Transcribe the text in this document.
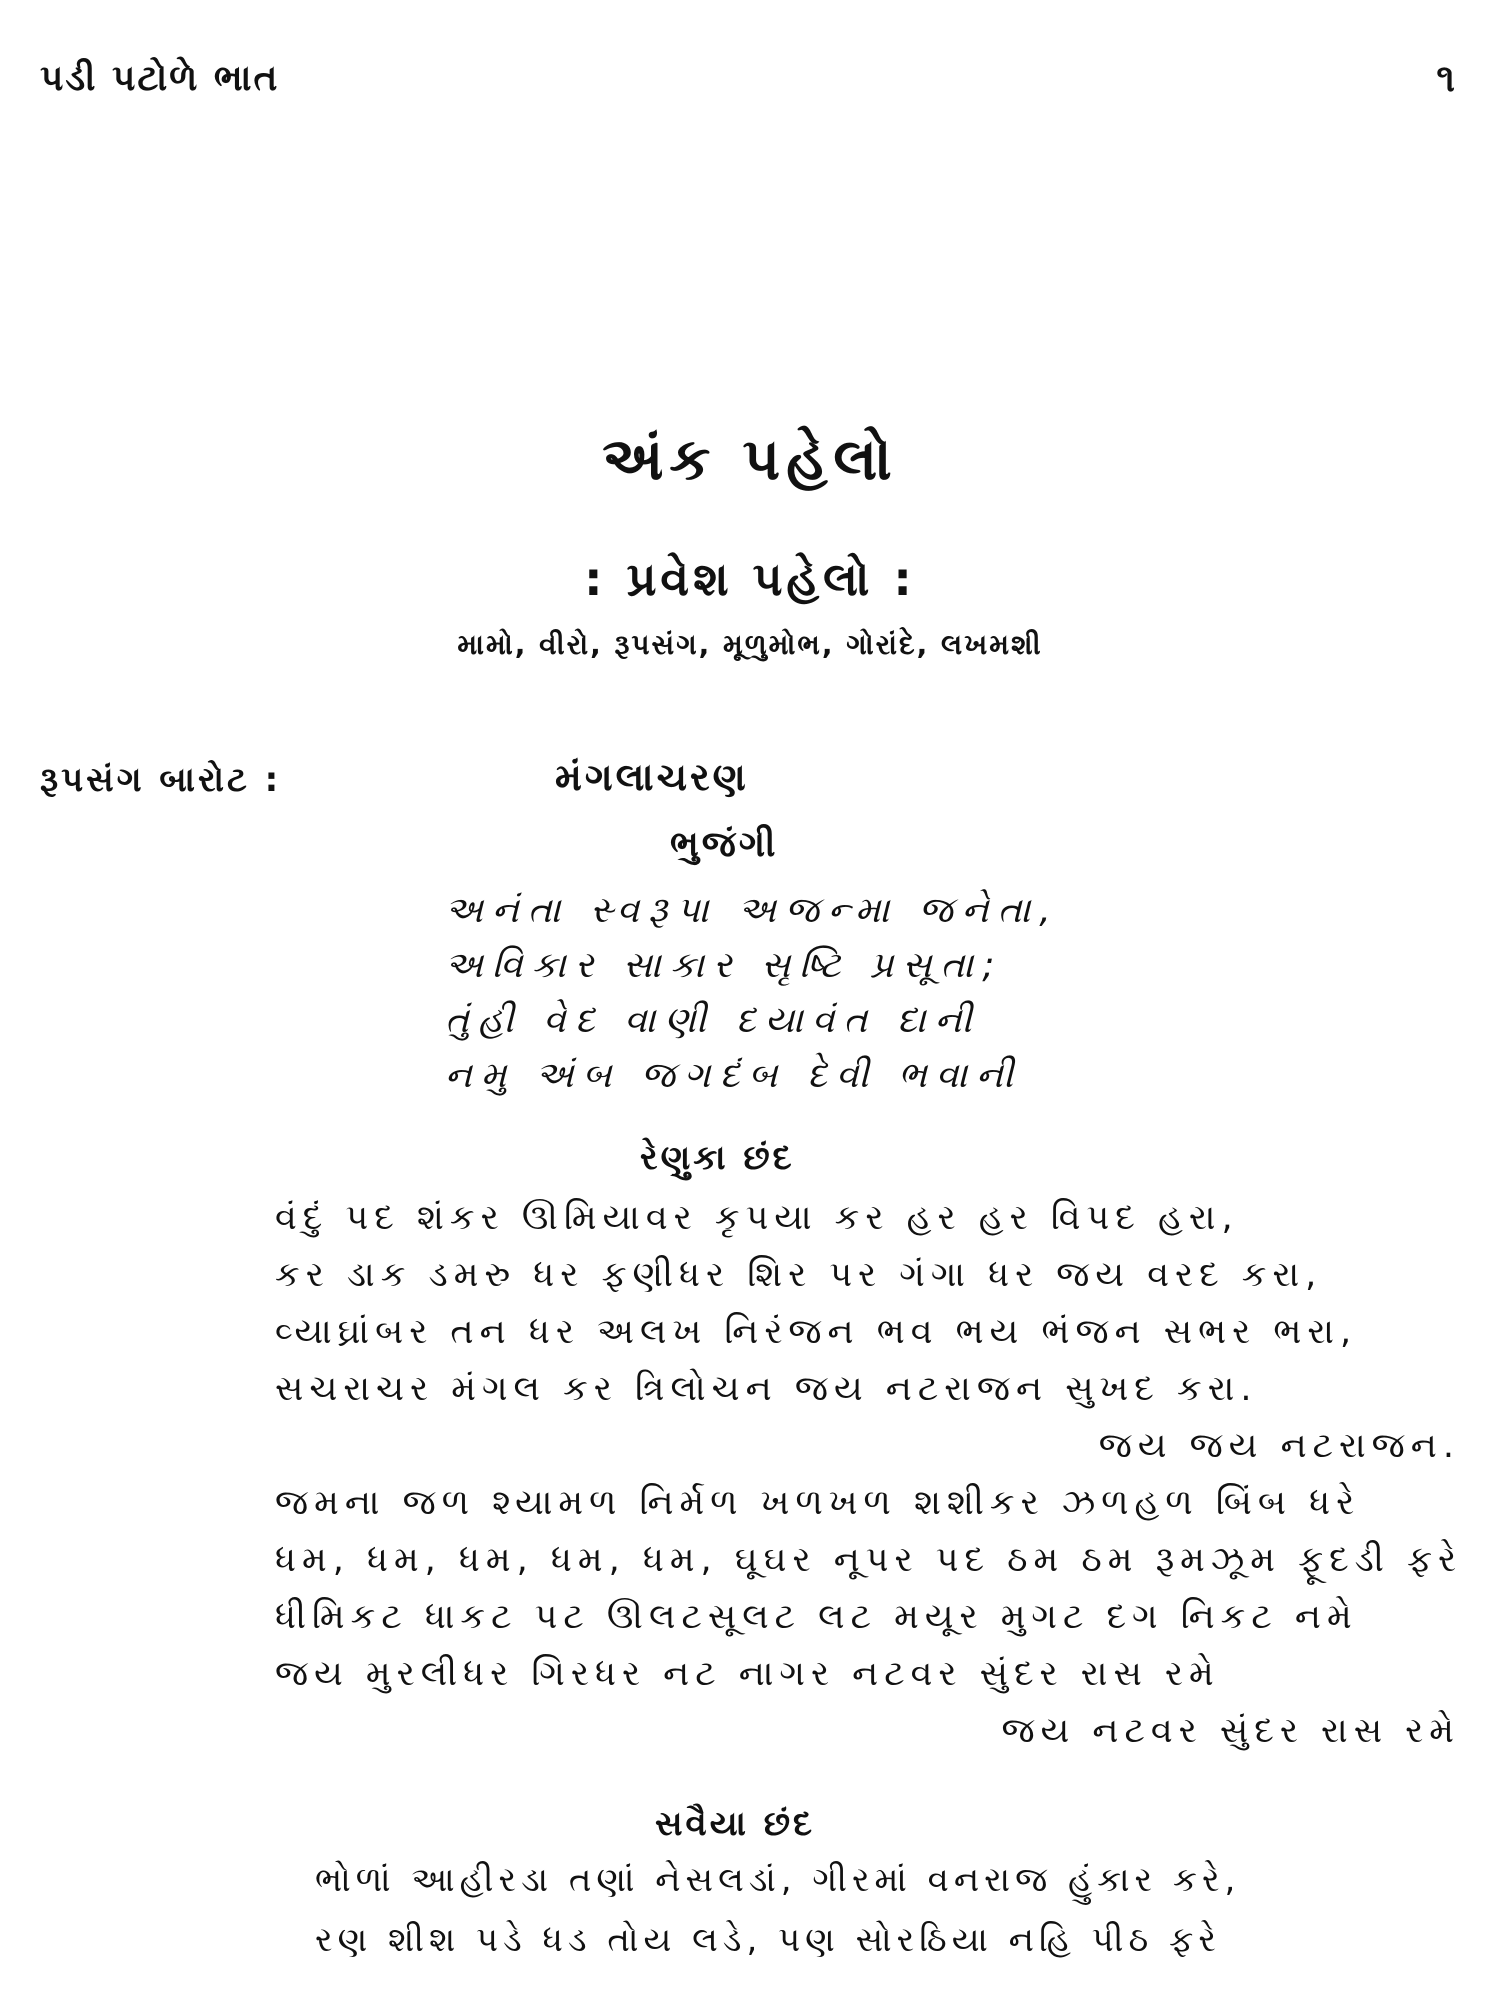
પડી પટોળે ભાત	૧
અંક પહેલો
: પ્રવેશ પહેલો :
મામો, વીરો, રૂપસંગ, મૂળુમોભ, ગોરાંદે, લખમશી
રૂપસંગ બારોટ :	મંગલાચરણ
ભુજંગી
અનંતા સ્વરૂપા અજન્મા જનેતા,
અવિકાર સાકાર સૃષ્ટિ પ્રસૂતા;
તુંહી વેદ વાણી દયાવંત દાની
નમુ અંબ જગદંબ દેવી ભવાની
રેણુકા છંદ
વંદું પદ શંકર ઊમિયાવર કૃપયા કર હર હર વિપદ હરા,
કર ડાક ડમરુ ધર ફણીધર શિર પર ગંગા ધર જય વરદ કરા,
વ્યાઘ્રાંબર તન ધર અલખ નિરંજન ભવ ભય ભંજન સભર ભરા,
સચરાચર મંગલ કર ત્રિલોચન જય નટરાજન સુખદ કરા.
જય જય નટરાજન.
જમના જળ શ્યામળ નિર્મળ ખળખળ શશીકર ઝળહળ બિંબ ધરે
ધમ, ધમ, ધમ, ધમ, ધમ, ઘૂઘર નૂપર પદ ઠમ ઠમ રૂમઝૂમ ફૂદડી ફરે
ધીમિકટ ધાકટ પટ ઊલટસૂલટ લટ મયૂર મુગટ દગ નિકટ નમે
જય મુરલીધર ગિરધર નટ નાગર નટવર સુંદર રાસ રમે
જય નટવર સુંદર રાસ રમે
સવૈયા છંદ
ભોળાં આહીરડા તણાં નેસલડાં, ગીરમાં વનરાજ હુંકાર કરે,
રણ શીશ પડે ધડ તોય લડે, પણ સોરઠિયા નહિ પીઠ ફરે
